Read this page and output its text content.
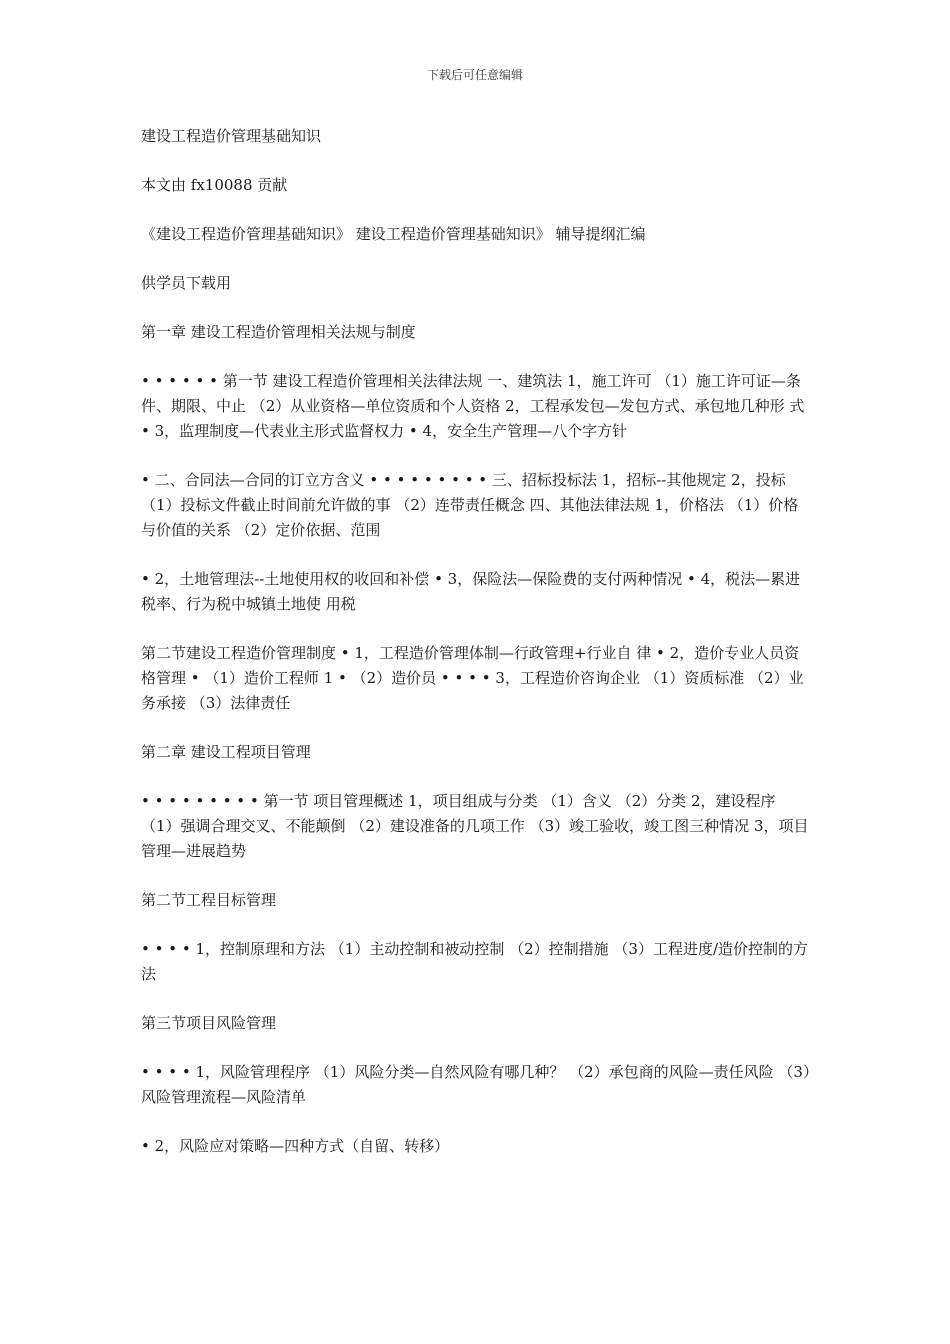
下载后可任意编辑

建设工程造价管理基础知识

本文由 fx10088 贡献

《建设工程造价管理基础知识》 建设工程造价管理基础知识》 辅导提纲汇编

供学员下载用

第一章 建设工程造价管理相关法规与制度

• • • • • • 第一节 建设工程造价管理相关法律法规 一、建筑法 1，施工许可 （1）施工许可证—条件、期限、中止 （2）从业资格—单位资质和个人资格 2，工程承发包—发包方式、承包地几种形 式 • 3，监理制度—代表业主形式监督权力 • 4，安全生产管理—八个字方针

• 二、合同法—合同的订立方含义 • • • • • • • • • 三、招标投标法 1，招标--其他规定 2，投标 （1）投标文件截止时间前允许做的事 （2）连带责任概念 四、其他法律法规 1，价格法 （1）价格与价值的关系 （2）定价依据、范围

• 2，土地管理法--土地使用权的收回和补偿 • 3，保险法—保险费的支付两种情况 • 4，税法—累进税率、行为税中城镇土地使 用税

第二节建设工程造价管理制度 • 1，工程造价管理体制—行政管理+行业自 律 • 2，造价专业人员资格管理 • （1）造价工程师 1 • （2）造价员 • • • • 3，工程造价咨询企业 （1）资质标准 （2）业务承接 （3）法律责任

第二章 建设工程项目管理

• • • • • • • • • 第一节 项目管理概述 1，项目组成与分类 （1）含义 （2）分类 2，建设程序 （1）强调合理交叉、不能颠倒 （2）建设准备的几项工作 （3）竣工验收，竣工图三种情况 3，项目管理—进展趋势

第二节工程目标管理

• • • • 1，控制原理和方法 （1）主动控制和被动控制 （2）控制措施 （3）工程进度/造价控制的方法

第三节项目风险管理

• • • • 1，风险管理程序 （1）风险分类—自然风险有哪几种？ （2）承包商的风险—责任风险 （3）风险管理流程—风险清单

• 2，风险应对策略—四种方式（自留、转移）
